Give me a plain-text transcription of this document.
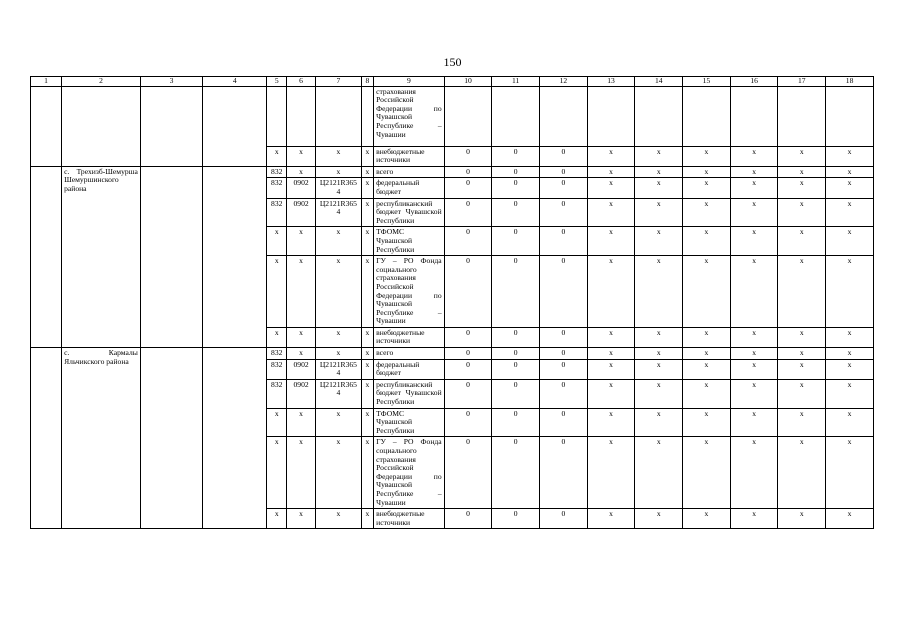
150
1	2	3	4	5	6	7	8	9	10	11	12	13	14	15	16	17	18
								страхования Российской Федерации по Чувашской Республике – Чувашии									
				x	x	x	x	внебюджетные источники	0	0	0	x	x	x	x	x	x
	с. Трехизб-Шемурша Шемуршинского района			832	x	x	x	всего	0	0	0	x	x	x	x	x	x
				832	0902	Ц2121R3654	x	федеральный бюджет	0	0	0	x	x	x	x	x	x
				832	0902	Ц2121R3654	x	республиканский бюджет Чувашской Республики	0	0	0	x	x	x	x	x	x
				x	x	x	x	ТФОМС Чувашской Республики	0	0	0	x	x	x	x	x	x
				x	x	x	x	ГУ – РО Фонда социального страхования Российской Федерации по Чувашской Республике – Чувашии	0	0	0	x	x	x	x	x	x
				x	x	x	x	внебюджетные источники	0	0	0	x	x	x	x	x	x
	с. Кармалы Яльчикского района			832	x	x	x	всего	0	0	0	x	x	x	x	x	x
				832	0902	Ц2121R3654	x	федеральный бюджет	0	0	0	x	x	x	x	x	x
				832	0902	Ц2121R3654	x	республиканский бюджет Чувашской Республики	0	0	0	x	x	x	x	x	x
				x	x	x	x	ТФОМС Чувашской Республики	0	0	0	x	x	x	x	x	x
				x	x	x	x	ГУ – РО Фонда социального страхования Российской Федерации по Чувашской Республике – Чувашии	0	0	0	x	x	x	x	x	x
				x	x	x	x	внебюджетные источники	0	0	0	x	x	x	x	x	x
